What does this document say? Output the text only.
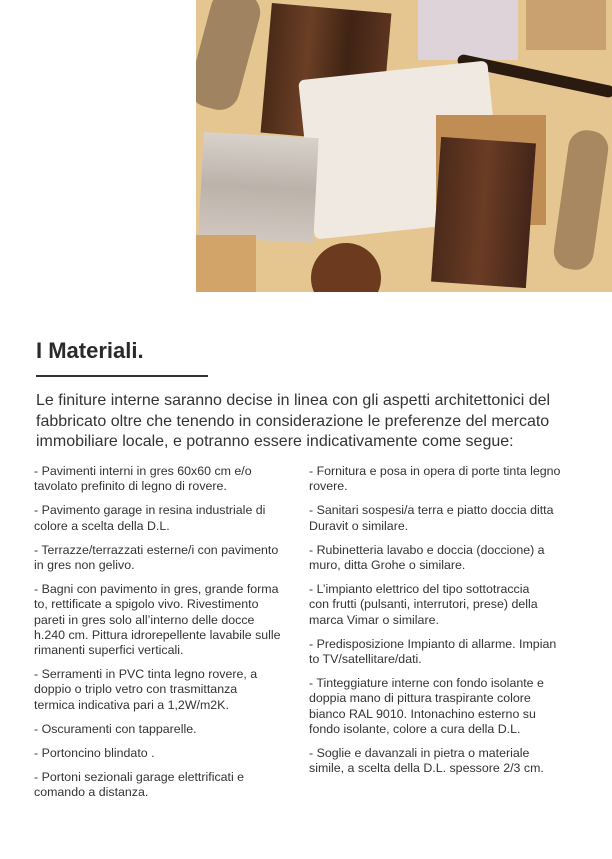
I Materiali.

Le finiture interne saranno decise in linea con gli aspetti architettonici del
fabbricato oltre che tenendo in considerazione le preferenze del mercato
immobiliare locale, e potranno essere indicativamente come segue:

- Pavimenti interni in gres 60x60 cm e/o
tavolato prefinito di legno di rovere.
- Pavimento garage in resina industriale di
colore a scelta della D.L.
- Terrazze/terrazzati esterne/i con pavimento
in gres non gelivo.
- Bagni con pavimento in gres, grande forma
to, rettificate a spigolo vivo. Rivestimento
pareti in gres solo all’interno delle docce
h.240 cm. Pittura idrorepellente lavabile sulle
rimanenti superfici verticali.
- Serramenti in PVC tinta legno rovere, a
doppio o triplo vetro con trasmittanza
termica indicativa pari a 1,2W/m2K.
- Oscuramenti con tapparelle.
- Portoncino blindato .
- Portoni sezionali garage elettrificati e
comando a distanza.
- Fornitura e posa in opera di porte tinta legno
rovere.
- Sanitari sospesi/a terra e piatto doccia ditta
Duravit o similare.
- Rubinetteria lavabo e doccia (doccione) a
muro, ditta Grohe o similare.
- L’impianto elettrico del tipo sottotraccia
con frutti (pulsanti, interrutori, prese) della
marca Vimar o similare.
- Predisposizione Impianto di allarme. Impian
to TV/satellitare/dati.
- Tinteggiature interne con fondo isolante e
doppia mano di pittura traspirante colore
bianco RAL 9010. Intonachino esterno su
fondo isolante, colore a cura della D.L.
- Soglie e davanzali in pietra o materiale
simile, a scelta della D.L. spessore 2/3 cm.
